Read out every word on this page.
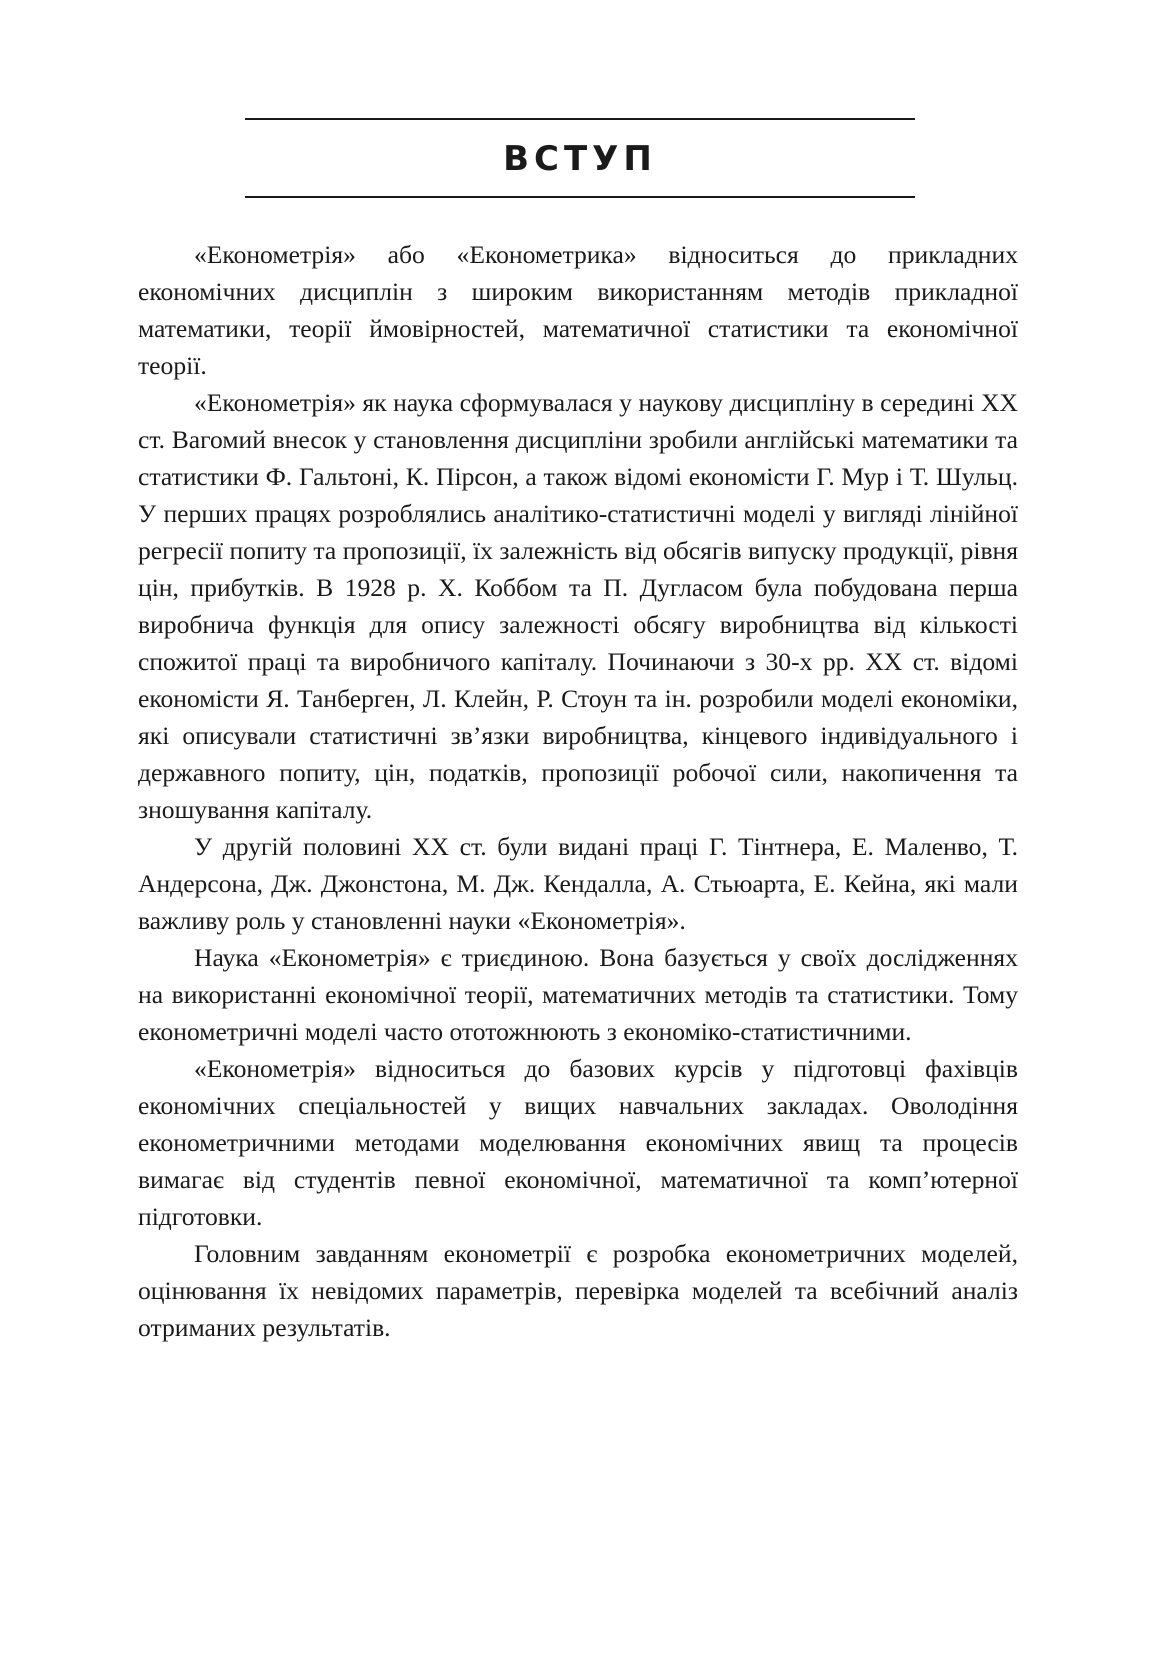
ВСТУП

«Економетрія» або «Економетрика» відноситься до прикладних економічних дисциплін з широким використанням методів прикладної математики, теорії ймовірностей, математичної статистики та економічної теорії.

«Економетрія» як наука сформувалася у наукову дисципліну в середині XX ст. Вагомий внесок у становлення дисципліни зробили англійські математики та статистики Ф. Гальтоні, К. Пірсон, а також відомі економісти Г. Мур і Т. Шульц. У перших працях розроблялись аналітико-статистичні моделі у вигляді лінійної регресії попиту та пропозиції, їх залежність від обсягів випуску продукції, рівня цін, прибутків. В 1928 р. Х. Коббом та П. Дугласом була побудована перша виробнича функція для опису залежності обсягу виробництва від кількості спожитої праці та виробничого капіталу. Починаючи з 30-х рр. XX ст. відомі економісти Я. Танберген, Л. Клейн, Р. Стоун та ін. розробили моделі економіки, які описували статистичні зв’язки виробництва, кінцевого індивідуального і державного попиту, цін, податків, пропозиції робочої сили, накопичення та зношування капіталу.

У другій половині XX ст. були видані праці Г. Тінтнера, Е. Маленво, Т. Андерсона, Дж. Джонстона, М. Дж. Кендалла, А. Стьюарта, Е. Кейна, які мали важливу роль у становленні науки «Економетрія».

Наука «Економетрія» є триєдиною. Вона базується у своїх дослідженнях на використанні економічної теорії, математичних методів та статистики. Тому економетричні моделі часто ототожнюють з економіко-статистичними.

«Економетрія» відноситься до базових курсів у підготовці фахівців економічних спеціальностей у вищих навчальних закладах. Оволодіння економетричними методами моделювання економічних явищ та процесів вимагає від студентів певної економічної, математичної та комп’ютерної підготовки.

Головним завданням економетрії є розробка економетричних моделей, оцінювання їх невідомих параметрів, перевірка моделей та всебічний аналіз отриманих результатів.
